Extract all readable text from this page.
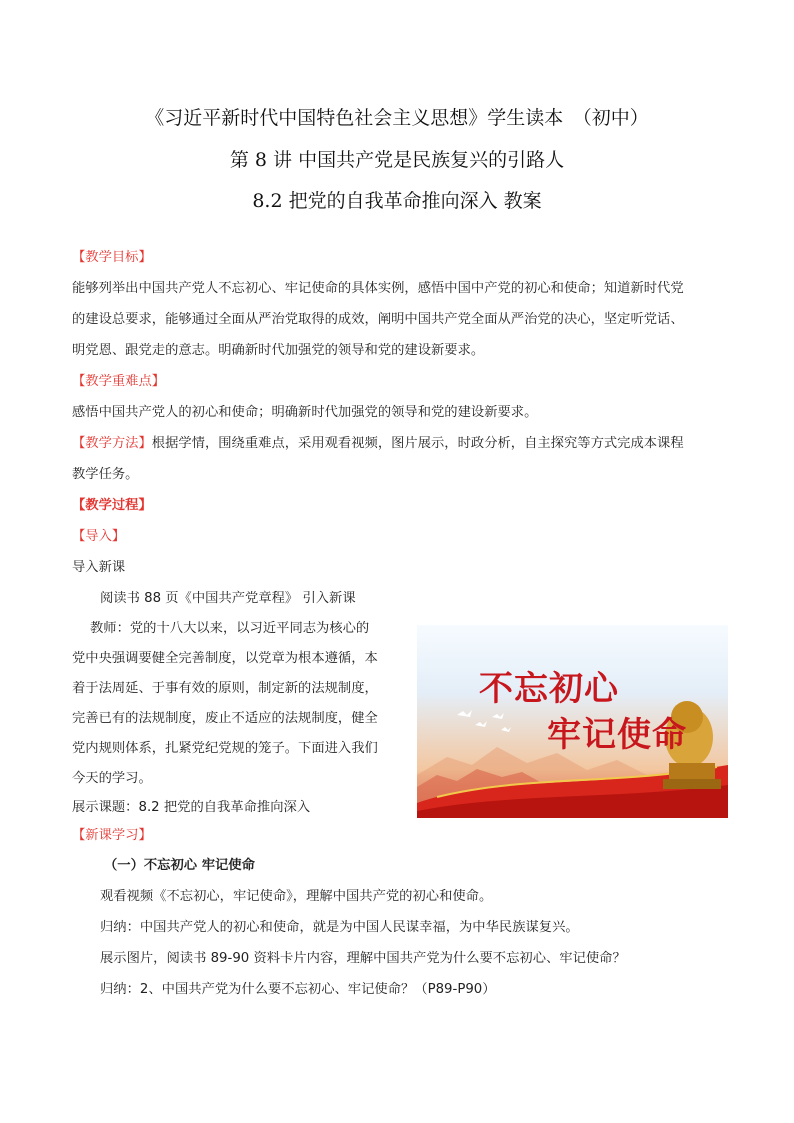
《习近平新时代中国特色社会主义思想》学生读本　（初中）
第 8 讲 中国共产党是民族复兴的引路人
8.2 把党的自我革命推向深入 教案
【教学目标】
能够列举出中国共产党人不忘初心、牢记使命的具体实例，感悟中国中产党的初心和使命；知道新时代党
的建设总要求，能够通过全面从严治党取得的成效，阐明中国共产党全面从严治党的决心，坚定听党话、
明党恩、跟党走的意志。明确新时代加强党的领导和党的建设新要求。
【教学重难点】
感悟中国共产党人的初心和使命；明确新时代加强党的领导和党的建设新要求。
【教学方法】根据学情，围绕重难点，采用观看视频，图片展示，时政分析，自主探究等方式完成本课程
教学任务。
【教学过程】
【导入】
导入新课
阅读书 88 页《中国共产党章程》 引入新课
教师：党的十八大以来，以习近平同志为核心的
党中央强调要健全完善制度，以党章为根本遵循，本
着于法周延、于事有效的原则，制定新的法规制度，
完善已有的法规制度，废止不适应的法规制度，健全
党内规则体系，扎紧党纪党规的笼子。下面进入我们
今天的学习。
展示课题：8.2 把党的自我革命推向深入
【新课学习】
（一）不忘初心 牢记使命
观看视频《不忘初心，牢记使命》，理解中国共产党的初心和使命。
归纳：中国共产党人的初心和使命，就是为中国人民谋幸福，为中华民族谋复兴。
展示图片，阅读书 89-90 资料卡片内容，理解中国共产党为什么要不忘初心、牢记使命？
归纳：2、中国共产党为什么要不忘初心、牢记使命？（P89-P90）
不忘初心
牢记使命
